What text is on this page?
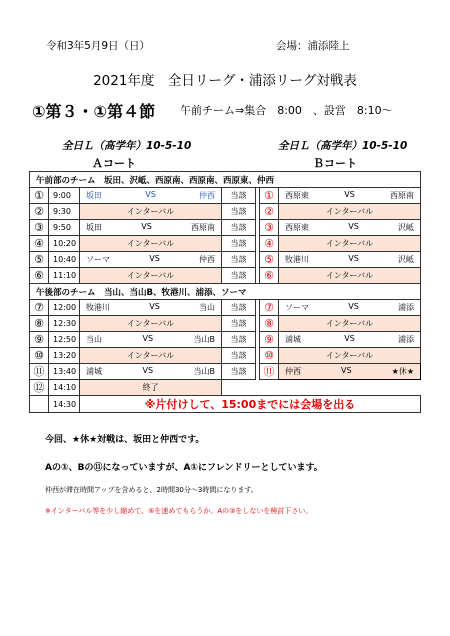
令和3年5月9日（日）	会場：浦添陸上
2021年度　全日リーグ・浦添リーグ対戦表
①第３・①第４節 午前チーム⇒集合　8:00　、設営　8:10～
全日Ｌ（高学年）10-5-10	全日Ｌ（高学年）10-5-10
Ａコート	Ｂコート
午前部のチーム　坂田、沢岻、西原南、西原南、西原東、仲西						
①	9:00	坂田 VS 仲西	当該		①	西原東 VS 西原南

②	9:30	インターバル	当該		②	インターバル
③	9:50	坂田 VS 西原南	当該		③	西原東 VS 沢岻

④	10:20	インターバル	当該		④	インターバル
⑤	10:40	ソーマ VS 仲西	当該		⑤	牧港川 VS 沢岻

⑥	11:10	インターバル	当該		⑥	インターバル
午後部のチーム　当山、当山B、牧港川、浦添、ソーマ						
⑦	12:00	牧港川 VS 当山	当該		⑦	ソーマ VS 浦添

⑧	12:30	インターバル	当該		⑧	インターバル
⑨	12:50	当山 VS 当山B	当該		⑨	浦城 VS 浦添

⑩	13:20	インターバル	当該		⑩	インターバル
⑪	13:40	浦城 VS 当山B	当該		⑪	仲西 VS ★休★

⑫	14:10	終了				
	14:30	※片付けして、15:00までには会場を出る				
今回、★休★対戦は、坂田と仲西です。
Aの①、Bの⑪になっていますが、A①にフレンドリーとしています。
仲西が滞在時間アップを含めると、2時間30分～3時間になります。
※インターバル等を少し縮めて、⑤を速めてもらうか、Aの③をしないを検討下さい。
